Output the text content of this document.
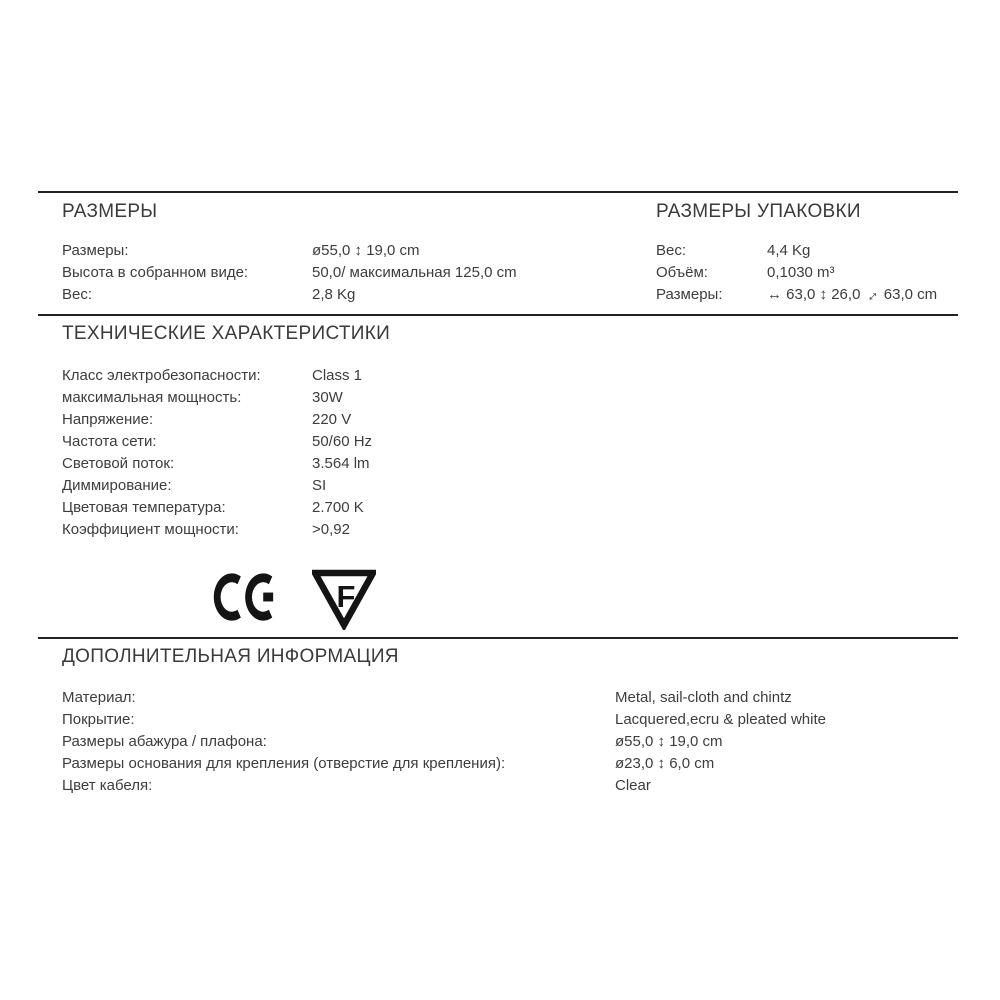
РАЗМЕРЫ
Размеры:	ø55,0 ↕ 19,0 cm
Высота в собранном виде:	50,0/ максимальная 125,0 cm
Вес:	2,8 Kg
РАЗМЕРЫ УПАКОВКИ
Вес:	4,4 Kg
Объём:	0,1030 m³
Размеры:	↔ 63,0 ↕ 26,0 ↔ 63,0 cm
ТЕХНИЧЕСКИЕ ХАРАКТЕРИСТИКИ
Класс электробезопасности:	Class 1
максимальная мощность:	30W
Напряжение:	220 V
Частота сети:	50/60 Hz
Световой поток:	3.564 lm
Диммирование:	SI
Цветовая температура:	2.700 K
Коэффициент мощности:	>0,92
F
ДОПОЛНИТЕЛЬНАЯ ИНФОРМАЦИЯ
Материал:	Metal, sail-cloth and chintz
Покрытие:	Lacquered,ecru & pleated white
Размеры абажура / плафона:	ø55,0 ↕ 19,0 cm
Размеры основания для крепления (отверстие для крепления):	ø23,0 ↕ 6,0 cm
Цвет кабеля:	Clear
